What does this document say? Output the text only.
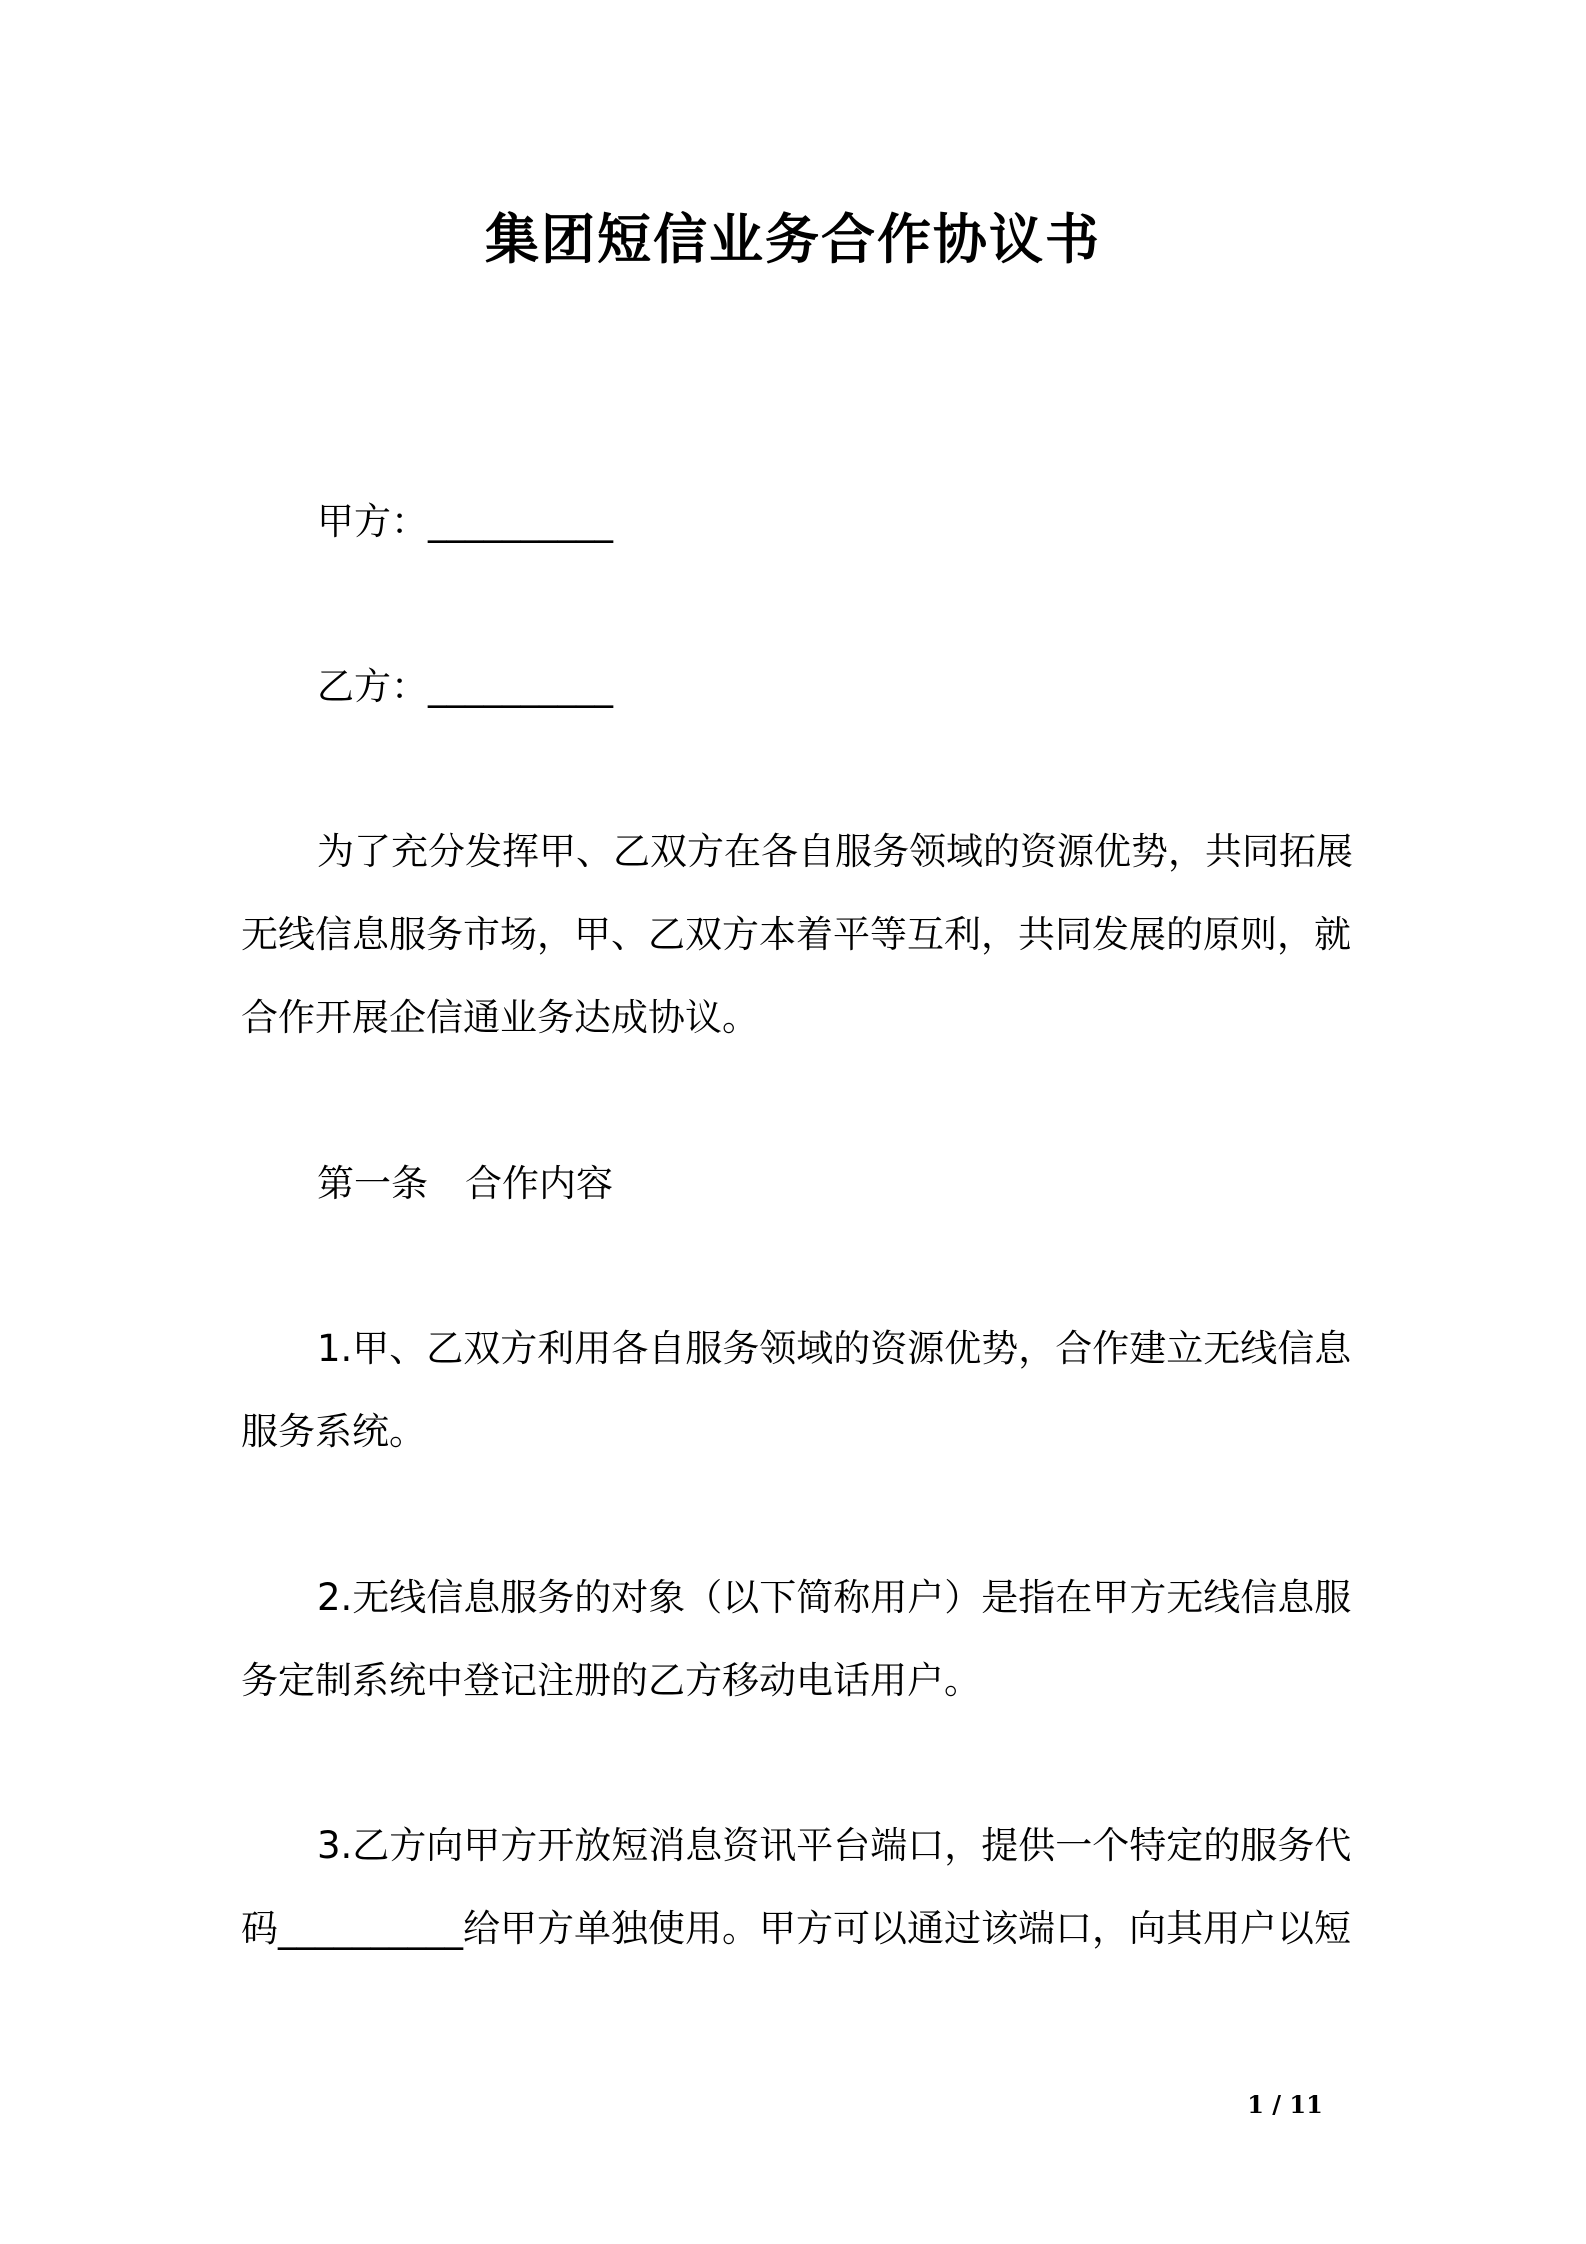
集团短信业务合作协议书
甲方：__________
乙方：__________
为了充分发挥甲、乙双方在各自服务领域的资源优势，共同拓展
无线信息服务市场，甲、乙双方本着平等互利，共同发展的原则，就
合作开展企信通业务达成协议。
第一条　合作内容
1.甲、乙双方利用各自服务领域的资源优势，合作建立无线信息
服务系统。
2.无线信息服务的对象（以下简称用户）是指在甲方无线信息服
务定制系统中登记注册的乙方移动电话用户。
3.乙方向甲方开放短消息资讯平台端口，提供一个特定的服务代
码__________给甲方单独使用。甲方可以通过该端口，向其用户以短
1 / 11
